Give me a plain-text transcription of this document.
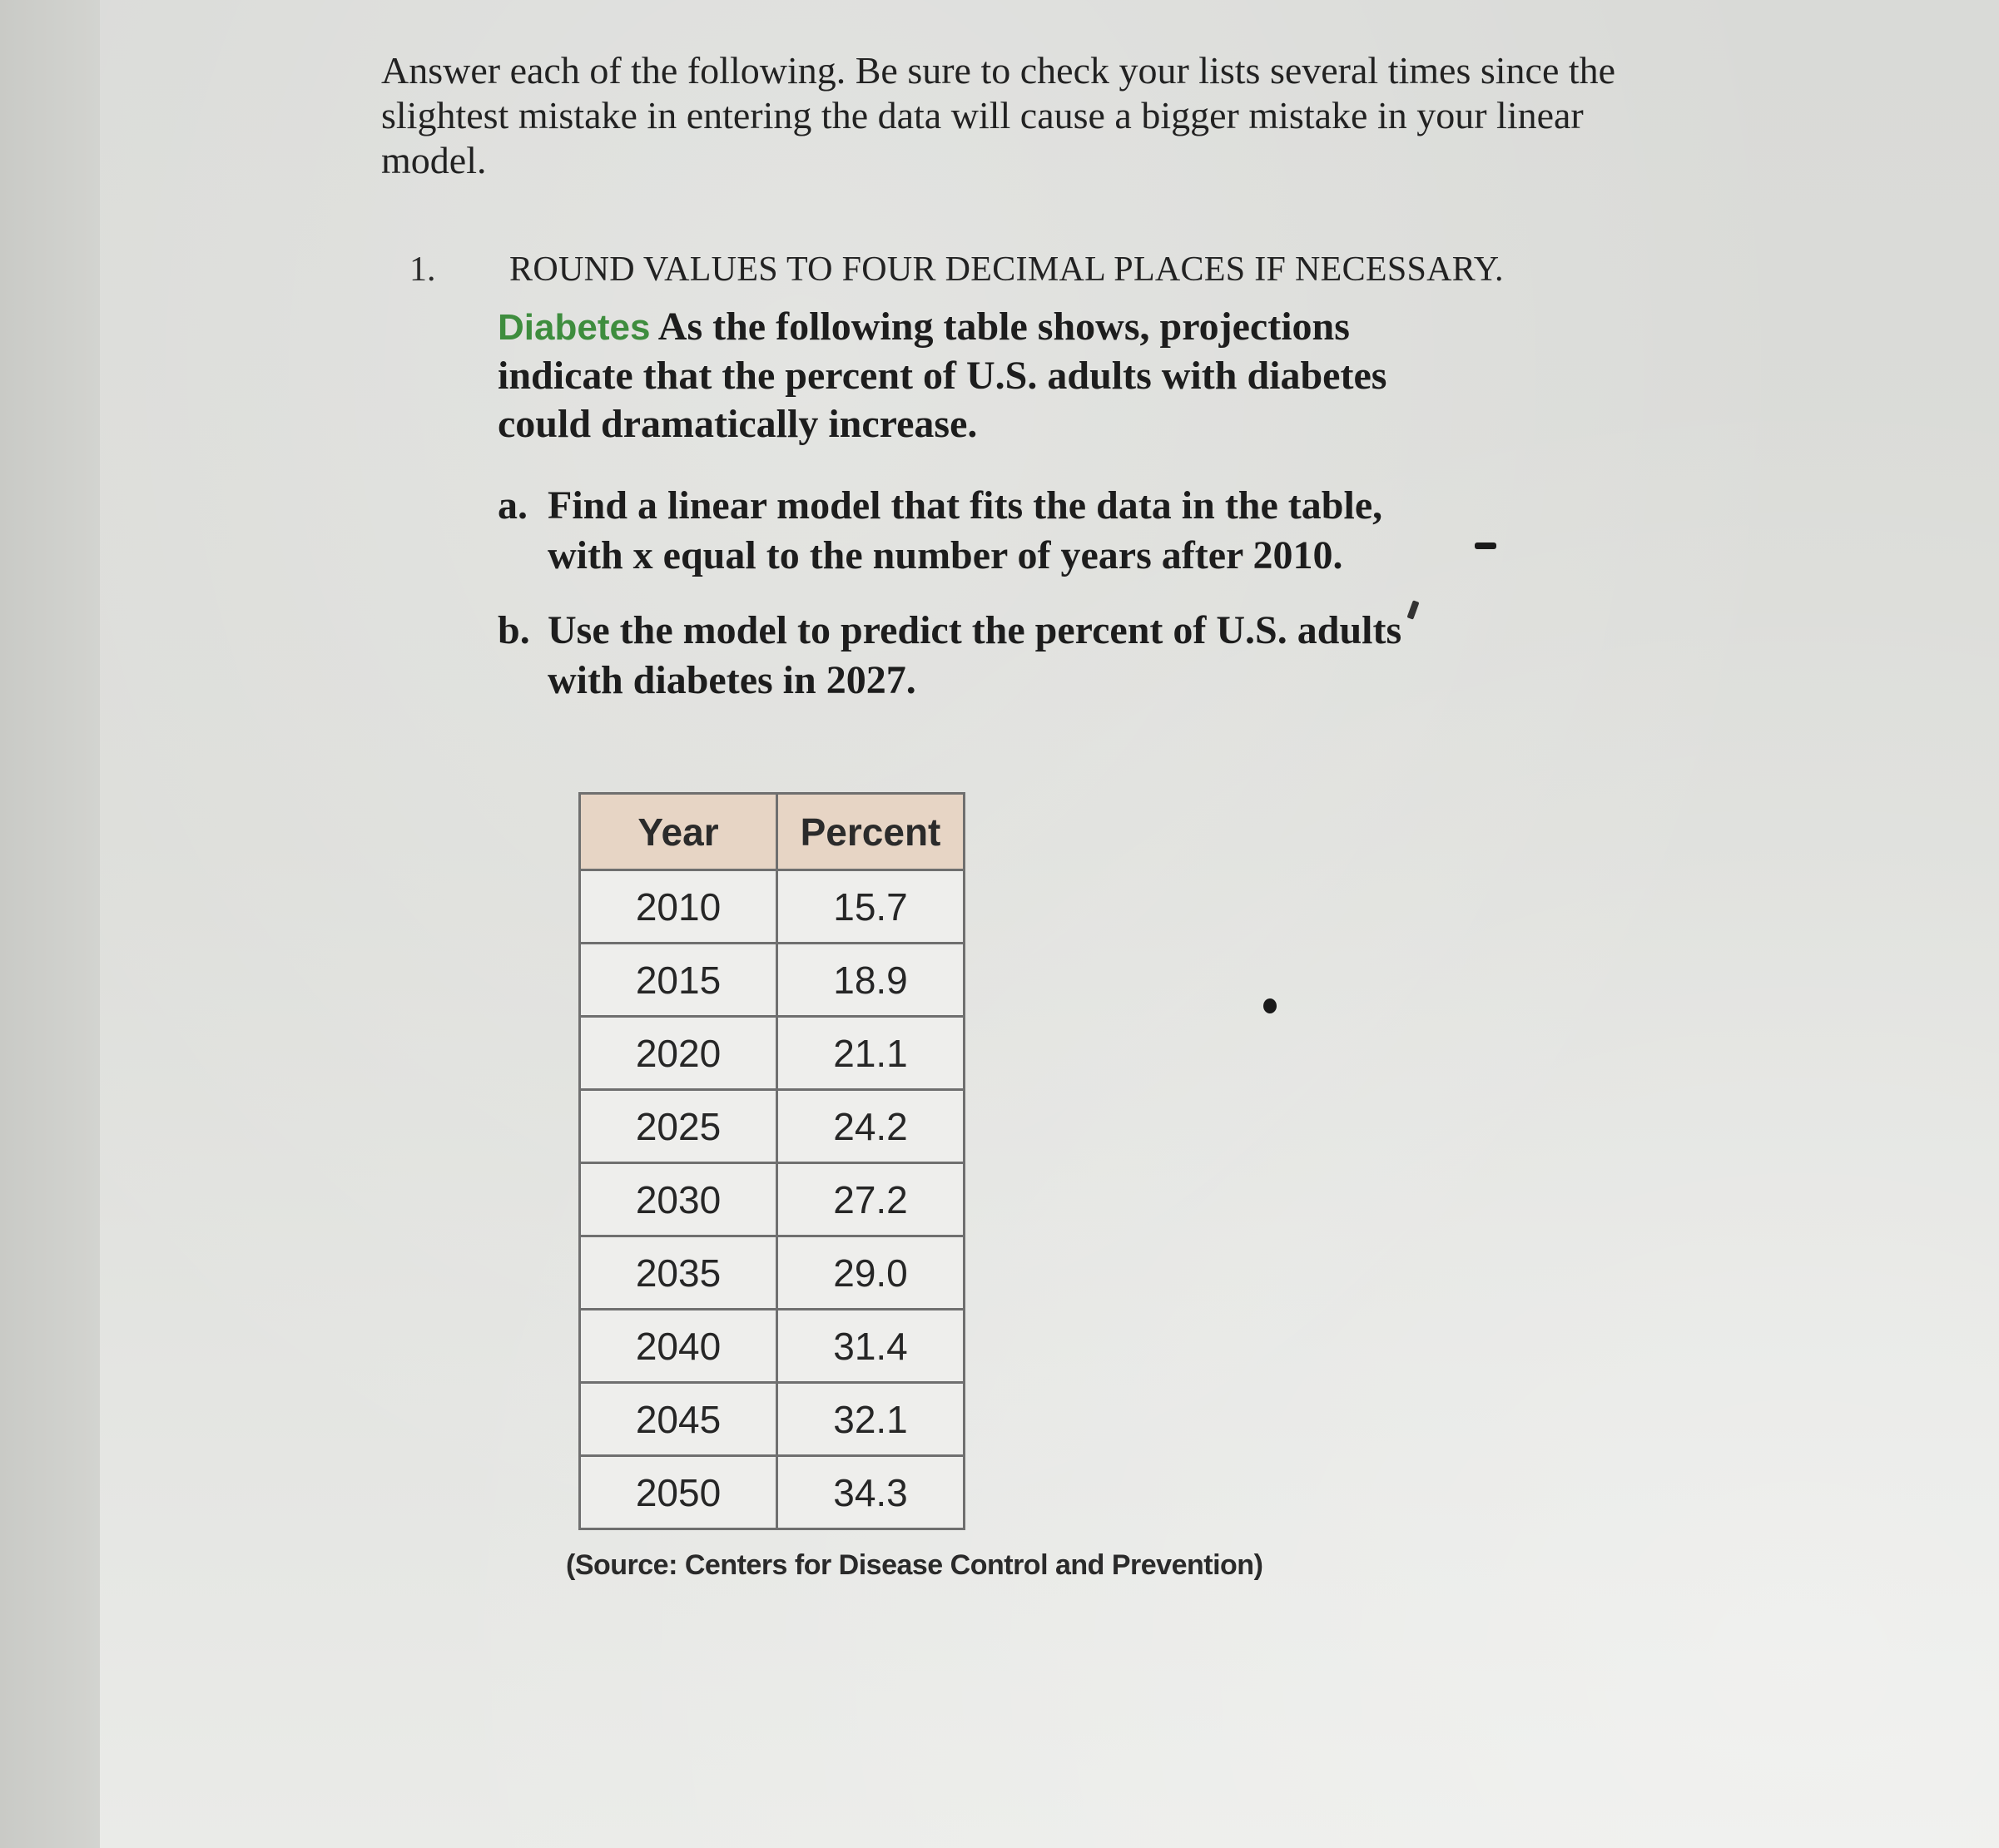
Answer each of the following. Be sure to check your lists several times since the slightest mistake in entering the data will cause a bigger mistake in your linear model.
1. ROUND VALUES TO FOUR DECIMAL PLACES IF NECESSARY.
Diabetes As the following table shows, projections indicate that the percent of U.S. adults with diabetes could dramatically increase.
a. Find a linear model that fits the data in the table,
with x equal to the number of years after 2010.
b. Use the model to predict the percent of U.S. adults
with diabetes in 2027.
Year	Percent
2010	15.7
2015	18.9
2020	21.1
2025	24.2
2030	27.2
2035	29.0
2040	31.4
2045	32.1
2050	34.3
(Source: Centers for Disease Control and Prevention)
